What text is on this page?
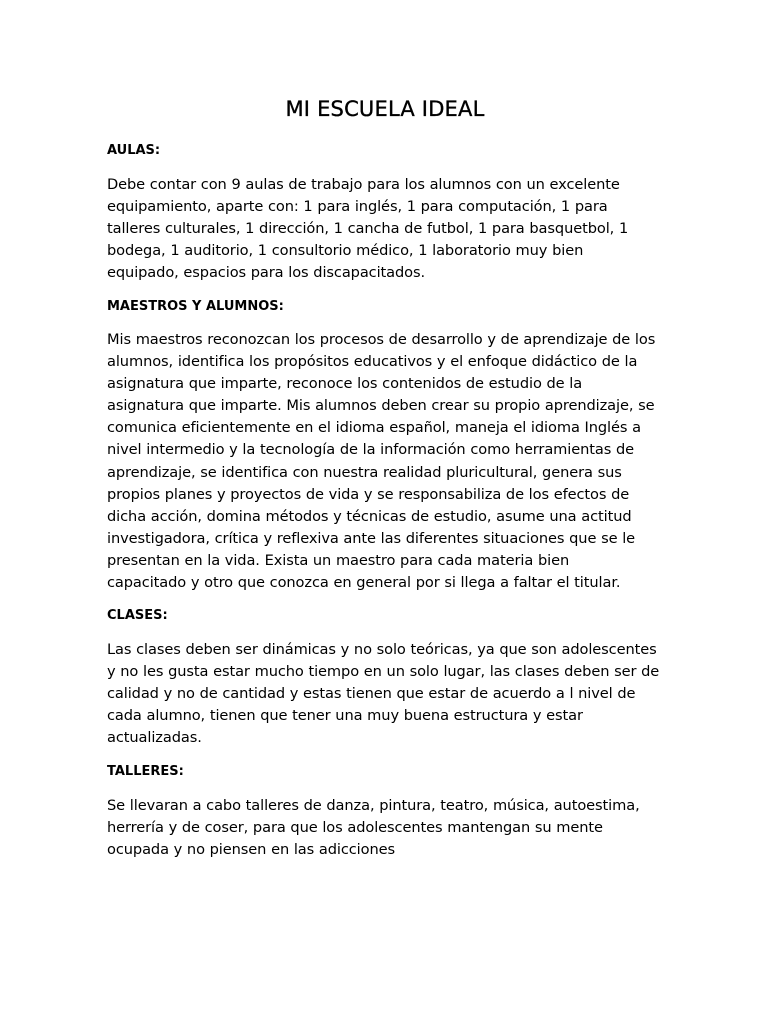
MI ESCUELA IDEAL
AULAS:

Debe contar con 9 aulas de trabajo para los alumnos con un excelente
equipamiento, aparte con: 1 para inglés, 1 para computación, 1 para
talleres culturales, 1 dirección, 1 cancha de futbol, 1 para basquetbol, 1
bodega, 1 auditorio, 1 consultorio médico, 1 laboratorio muy bien
equipado, espacios para los discapacitados.

MAESTROS Y ALUMNOS:

Mis maestros reconozcan los procesos de desarrollo y de aprendizaje de los
alumnos, identifica los propósitos educativos y el enfoque didáctico de la
asignatura que imparte, reconoce los contenidos de estudio de la
asignatura que imparte. Mis alumnos deben crear su propio aprendizaje, se
comunica eficientemente en el idioma español, maneja el idioma Inglés a
nivel intermedio y la tecnología de la información como herramientas de
aprendizaje, se identifica con nuestra realidad pluricultural, genera sus
propios planes y proyectos de vida y se responsabiliza de los efectos de
dicha acción, domina métodos y técnicas de estudio, asume una actitud
investigadora, crítica y reflexiva ante las diferentes situaciones que se le
presentan en la vida. Exista un maestro para cada materia bien
capacitado y otro que conozca en general por si llega a faltar el titular.

CLASES:

Las clases deben ser dinámicas y no solo teóricas, ya que son adolescentes
y no les gusta estar mucho tiempo en un solo lugar, las clases deben ser de
calidad y no de cantidad y estas tienen que estar de acuerdo a l nivel de
cada alumno, tienen que tener una muy buena estructura y estar
actualizadas.

TALLERES:

Se llevaran a cabo talleres de danza, pintura, teatro, música, autoestima,
herrería y de coser, para que los adolescentes mantengan su mente
ocupada y no piensen en las adicciones
